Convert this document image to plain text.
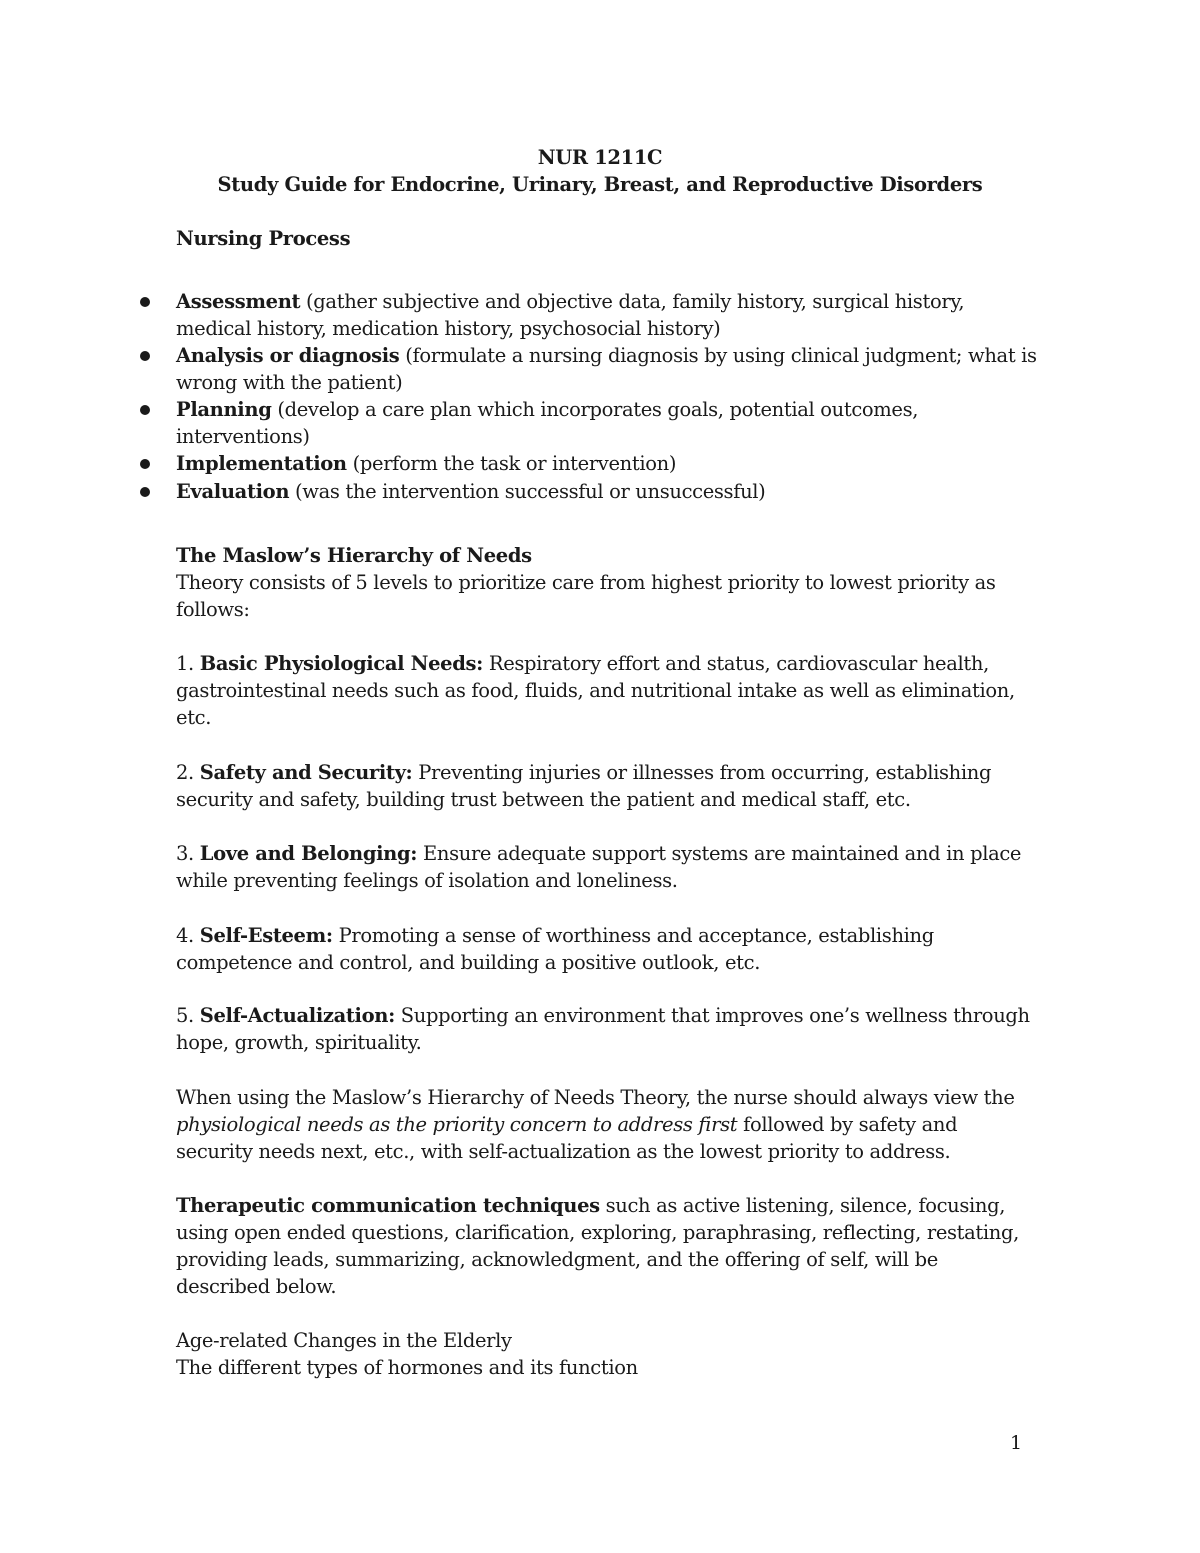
NUR 1211C
Study Guide for Endocrine, Urinary, Breast, and Reproductive Disorders
Nursing Process
Assessment (gather subjective and objective data, family history, surgical history,
medical history, medication history, psychosocial history)
Analysis or diagnosis (formulate a nursing diagnosis by using clinical judgment; what is
wrong with the patient)
Planning (develop a care plan which incorporates goals, potential outcomes,
interventions)
Implementation (perform the task or intervention)
Evaluation (was the intervention successful or unsuccessful)
The Maslow’s Hierarchy of Needs
Theory consists of 5 levels to prioritize care from highest priority to lowest priority as
follows:
1. Basic Physiological Needs: Respiratory effort and status, cardiovascular health,
gastrointestinal needs such as food, fluids, and nutritional intake as well as elimination,
etc.
2. Safety and Security: Preventing injuries or illnesses from occurring, establishing
security and safety, building trust between the patient and medical staff, etc.
3. Love and Belonging: Ensure adequate support systems are maintained and in place
while preventing feelings of isolation and loneliness.
4. Self-Esteem: Promoting a sense of worthiness and acceptance, establishing
competence and control, and building a positive outlook, etc.
5. Self-Actualization: Supporting an environment that improves one’s wellness through
hope, growth, spirituality.
When using the Maslow’s Hierarchy of Needs Theory, the nurse should always view the
physiological needs as the priority concern to address first followed by safety and
security needs next, etc., with self-actualization as the lowest priority to address.
Therapeutic communication techniques such as active listening, silence, focusing,
using open ended questions, clarification, exploring, paraphrasing, reflecting, restating,
providing leads, summarizing, acknowledgment, and the offering of self, will be
described below.
Age-related Changes in the Elderly
The different types of hormones and its function
1
